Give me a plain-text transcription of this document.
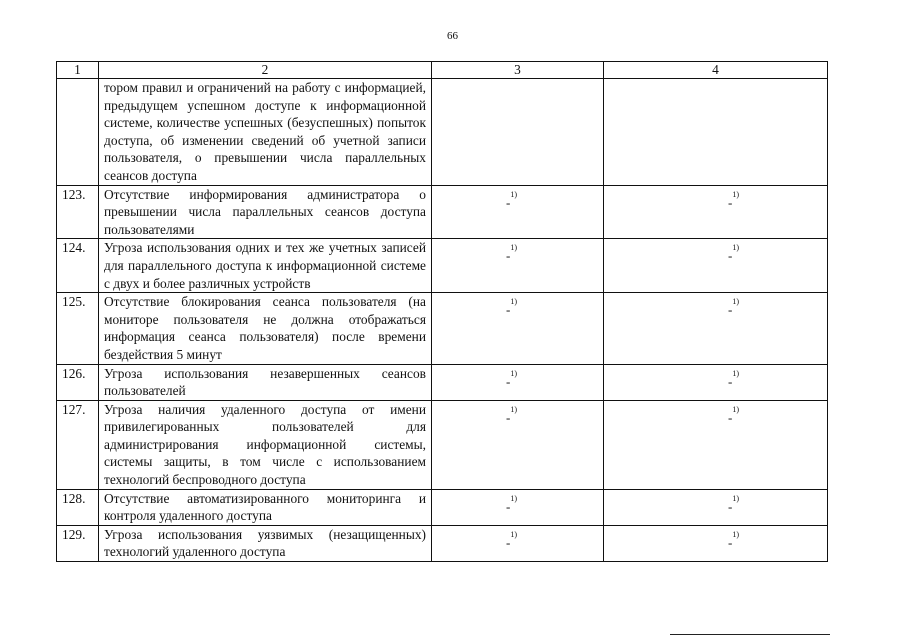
66
1	2	3	4
	тором правил и ограничений на работу с информацией, предыдущем успешном доступе к информационной системе, количестве успешных (безуспешных) попыток доступа, об изменении сведений об учетной записи пользователя, о превышении числа параллельных сеансов доступа		
123.	Отсутствие информирования администратора о превышении числа параллельных сеансов доступа пользователями	-$^{1)}$	-$^{1)}$
124.	Угроза использования одних и тех же учетных записей для параллельного доступа к информационной системе с двух и более различных устройств	-$^{1)}$	-$^{1)}$
125.	Отсутствие блокирования сеанса пользователя (на мониторе пользователя не должна отображаться информация сеанса пользователя) после времени бездействия 5 минут	-$^{1)}$	-$^{1)}$
126.	Угроза использования незавершенных сеансов пользователей	-$^{1)}$	-$^{1)}$
127.	Угроза наличия удаленного доступа от имени привилегированных пользователей для администрирования информационной системы, системы защиты, в том числе с использованием технологий беспроводного доступа	-$^{1)}$	-$^{1)}$
128.	Отсутствие автоматизированного мониторинга и контроля удаленного доступа	-$^{1)}$	-$^{1)}$
129.	Угроза использования уязвимых (незащищенных) технологий удаленного доступа	-$^{1)}$	-$^{1)}$
